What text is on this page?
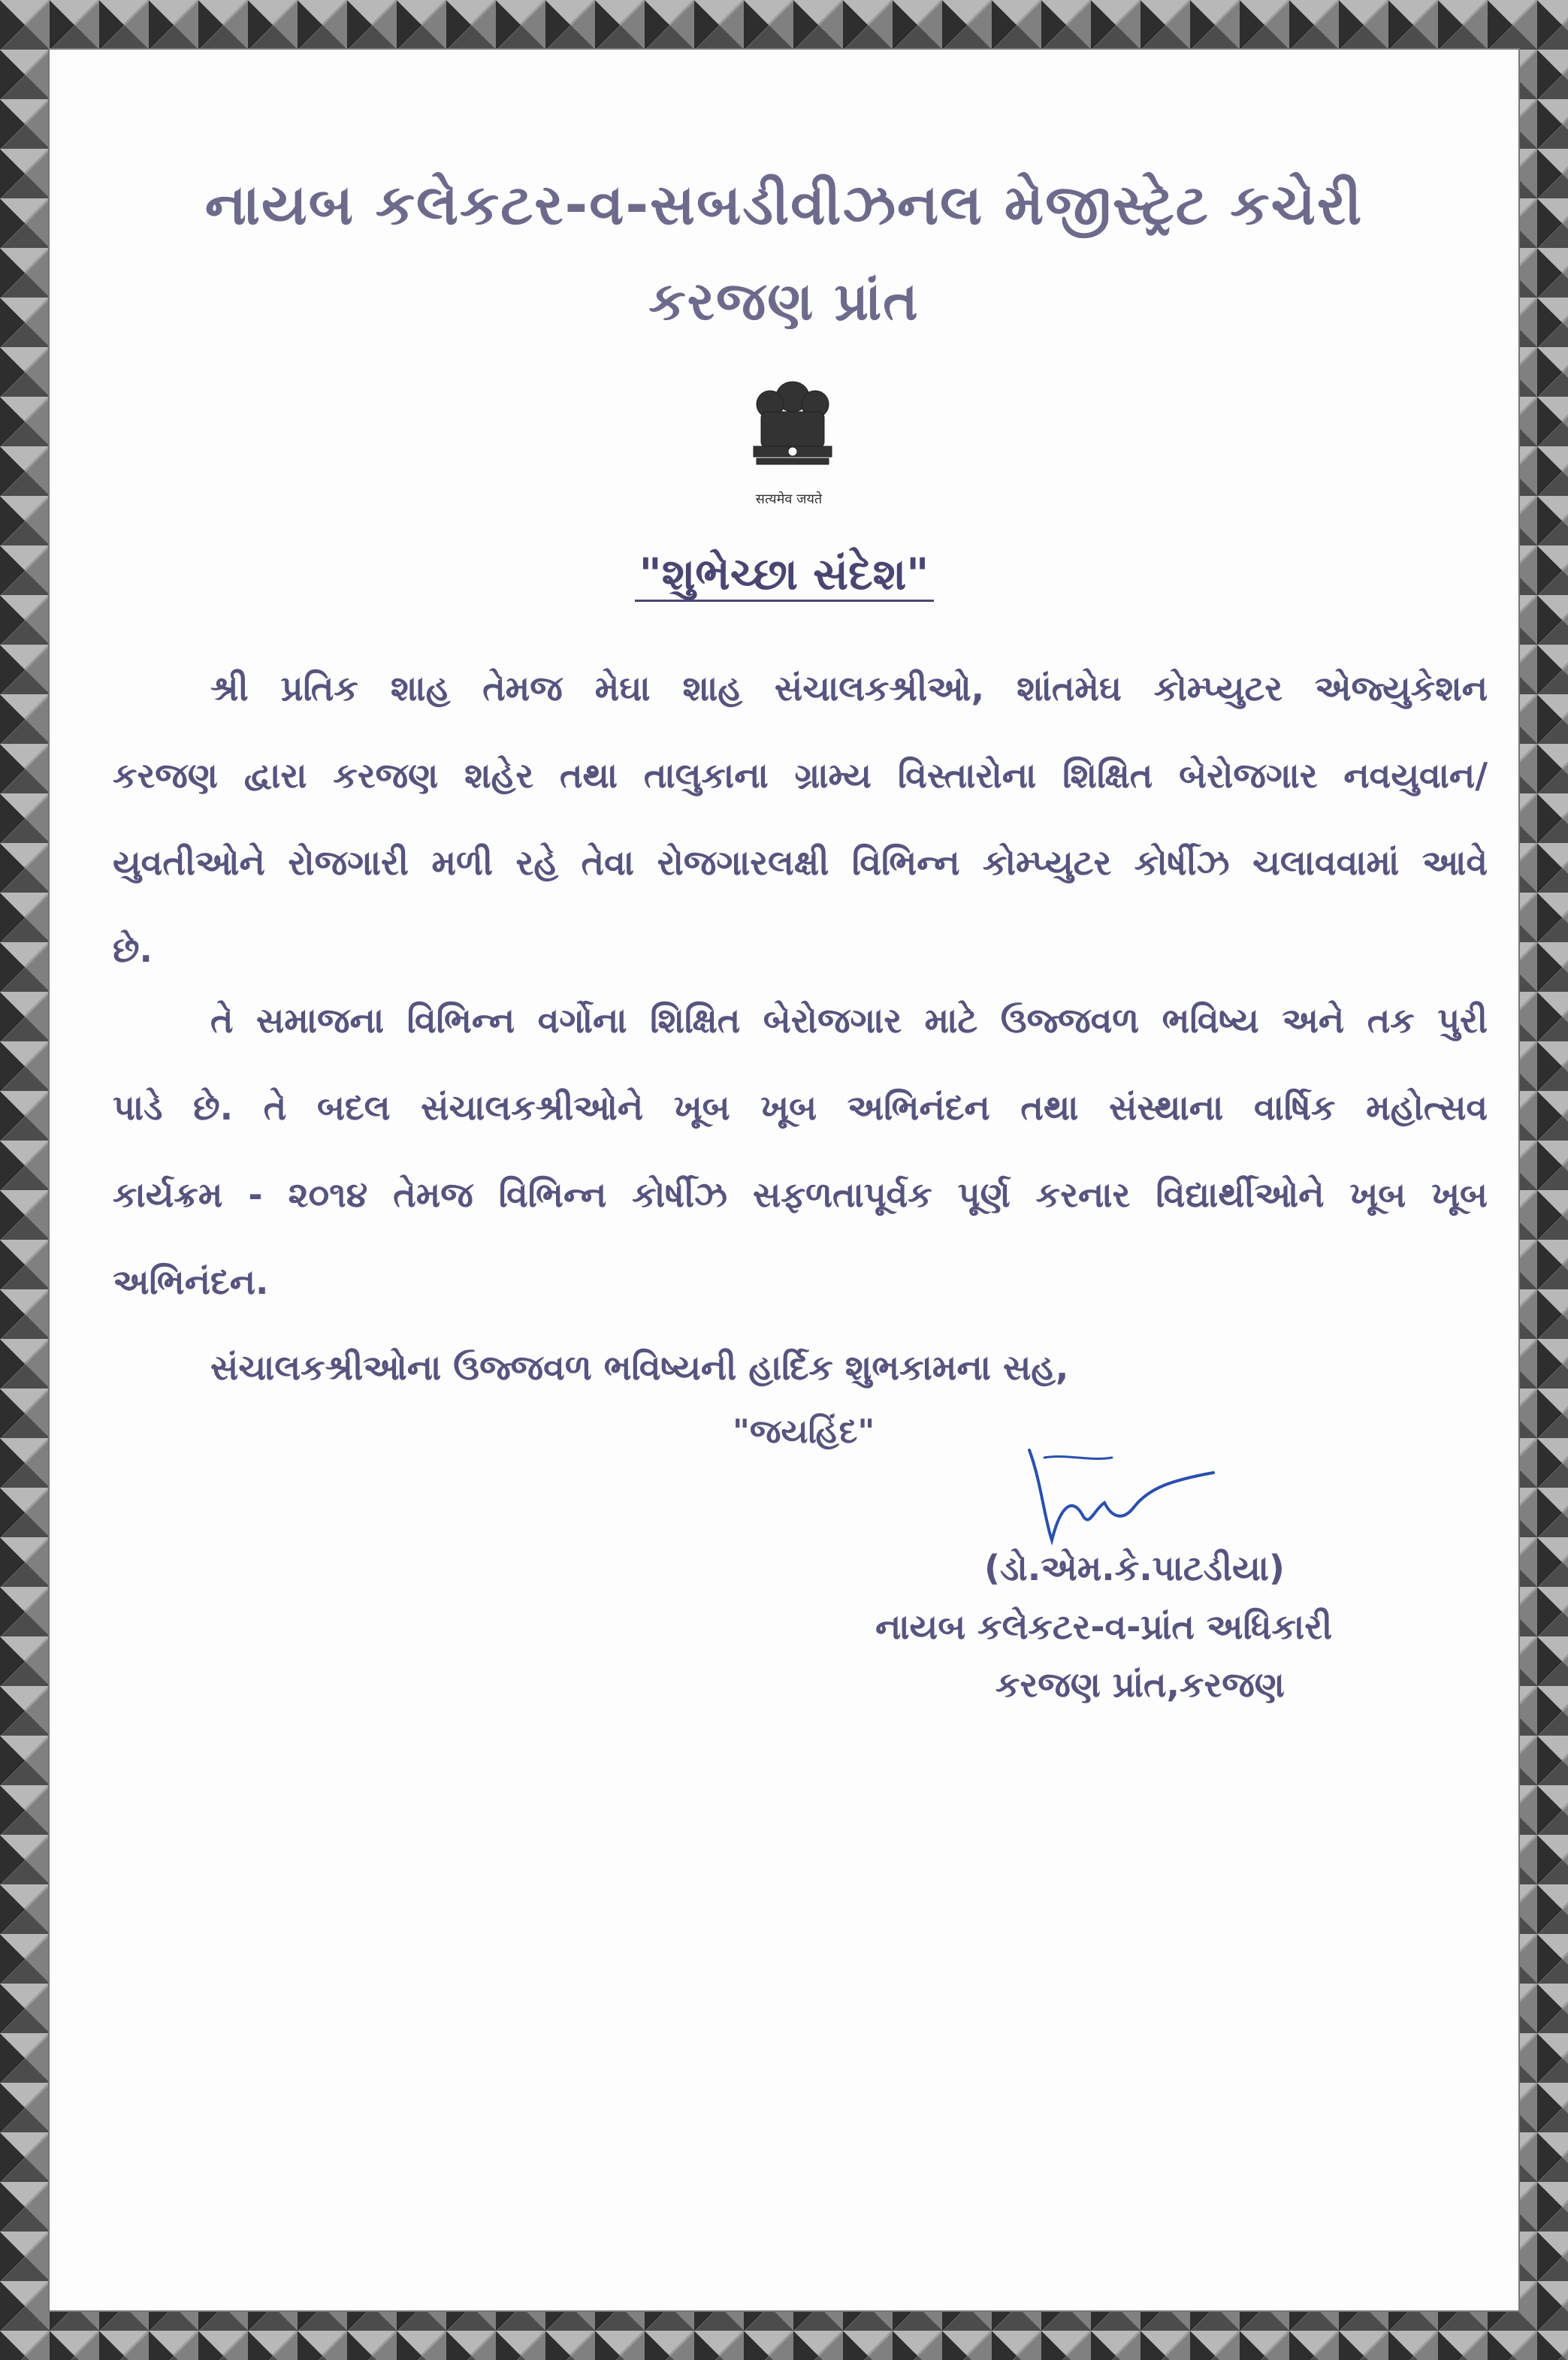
નાયબ કલેકટર-વ-સબડીવીઝનલ મેજીસ્ટ્રેટ કચેરી
કરજણ પ્રાંત
सत्यमेव जयते
"શુભેચ્છા સંદેશ"

શ્રી પ્રતિક શાહ તેમજ મેઘા શાહ સંચાલકશ્રીઓ, શાંતમેઘ કોમ્પ્યુટર એજ્યુકેશન કરજણ દ્વારા કરજણ શહેર તથા તાલુકાના ગ્રામ્ય વિસ્તારોના શિક્ષિત બેરોજગાર નવયુવાન/યુવતીઓને રોજગારી મળી રહે તેવા રોજગારલક્ષી વિભિન્ન કોમ્પ્યુટર કોર્ષીઝ ચલાવવામાં આવે છે.

તે સમાજના વિભિન્ન વર્ગોના શિક્ષિત બેરોજગાર માટે ઉજ્જવળ ભવિષ્ય અને તક પુરી પાડે છે. તે બદલ સંચાલકશ્રીઓને ખૂબ ખૂબ અભિનંદન તથા સંસ્થાના વાર્ષિક મહોત્સવ કાર્યક્રમ - ૨૦૧૪ તેમજ વિભિન્ન કોર્ષીઝ સફળતાપૂર્વક પૂર્ણ કરનાર વિદ્યાર્થીઓને ખૂબ ખૂબ અભિનંદન.

સંચાલકશ્રીઓના ઉજ્જવળ ભવિષ્યની હાર્દિક શુભકામના સહ,
"જયહિંદ"
(ડો.એમ.કે.પાટડીયા)
નાયબ કલેકટર-વ-પ્રાંત અધિકારી
કરજણ પ્રાંત,કરજણ
